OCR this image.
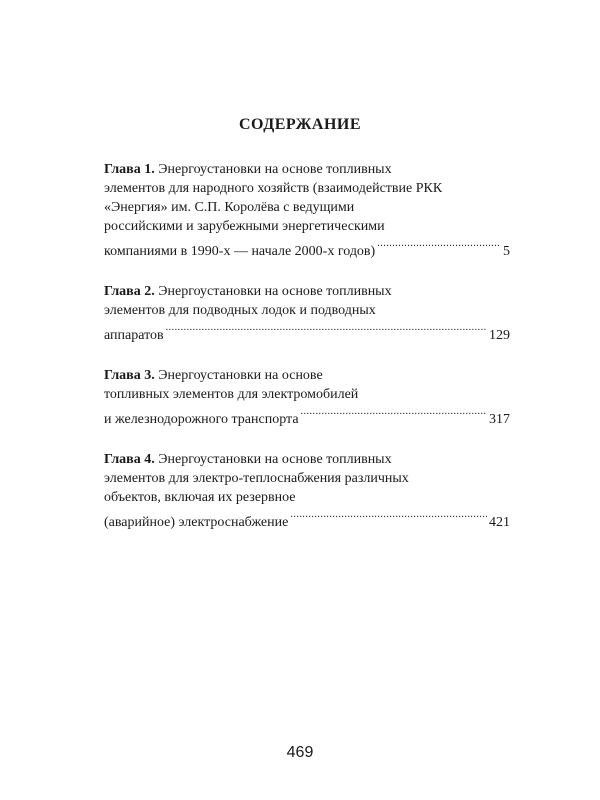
СОДЕРЖАНИЕ
Глава 1. Энергоустановки на основе топливных
элементов для народного хозяйств (взаимодействие РКК
«Энергия» им. С.П. Королёва с ведущими
российскими и зарубежными энергетическими
компаниями в 1990-х — начале 2000-х годов) .....	5
Глава 2. Энергоустановки на основе топливных
элементов для подводных лодок и подводных
аппаратов .....	129
Глава 3. Энергоустановки на основе
топливных элементов для электромобилей
и железнодорожного транспорта .....	317
Глава 4. Энергоустановки на основе топливных
элементов для электро-теплоснабжения различных
объектов, включая их резервное
(аварийное) электроснабжение .....	421
469
